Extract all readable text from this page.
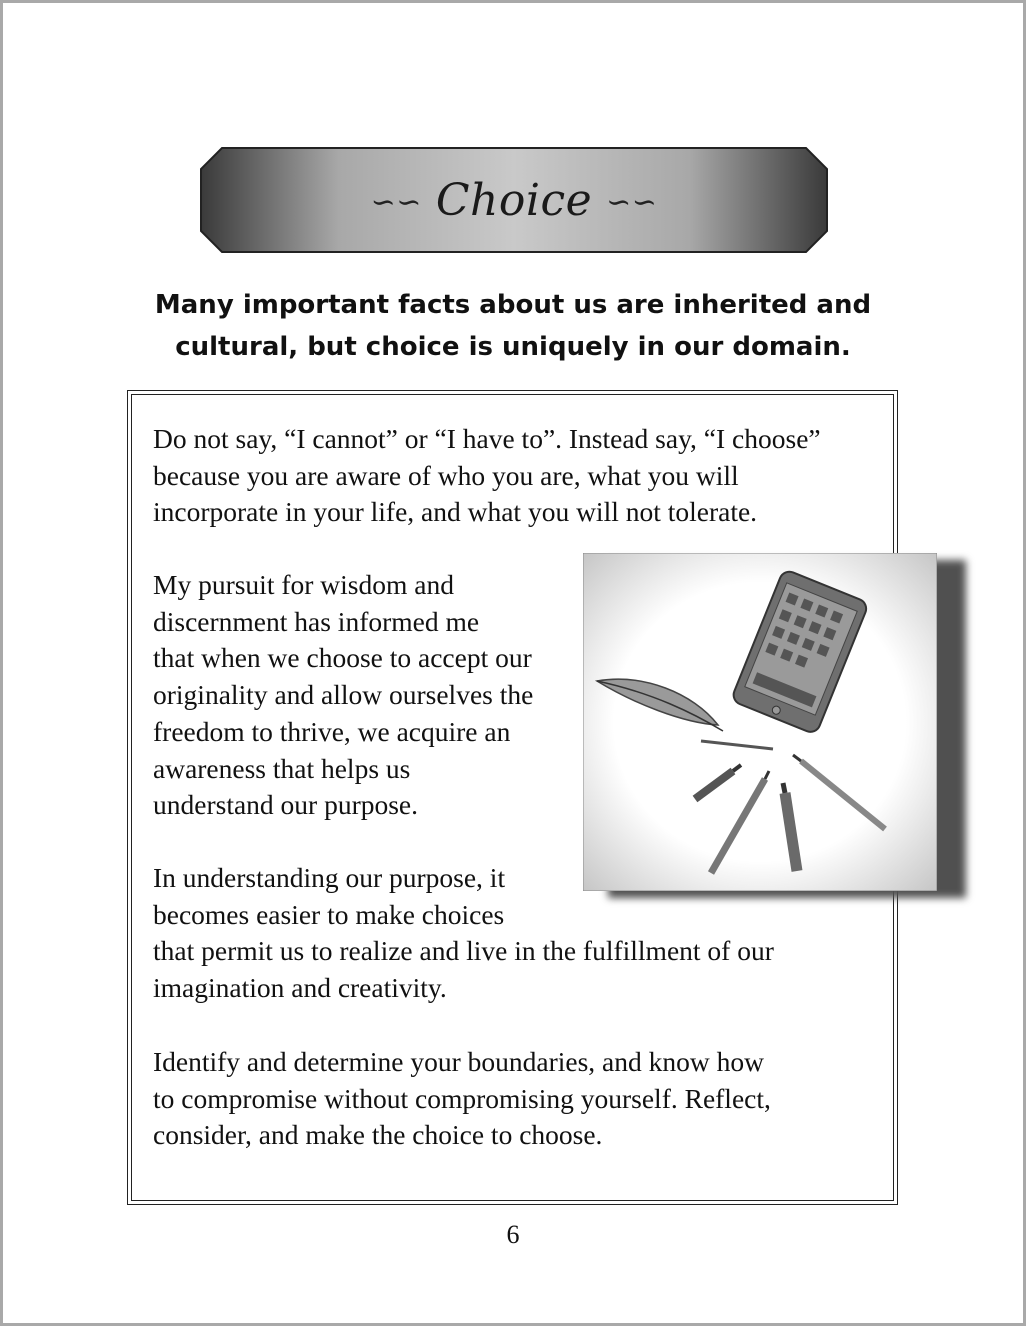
∽∽ Choice ∽∽
Many important facts about us are inherited and
cultural, but choice is uniquely in our domain.

Do not say, “I cannot” or “I have to”. Instead say, “I choose”
because you are aware of who you are, what you will
incorporate in your life, and what you will not tolerate.

My pursuit for wisdom and
discernment has informed me
that when we choose to accept our
originality and allow ourselves the
freedom to thrive, we acquire an
awareness that helps us
understand our purpose.

In understanding our purpose, it
becomes easier to make choices
that permit us to realize and live in the fulfillment of our
imagination and creativity.

Identify and determine your boundaries, and know how
to compromise without compromising yourself. Reflect,
consider, and make the choice to choose.

6
